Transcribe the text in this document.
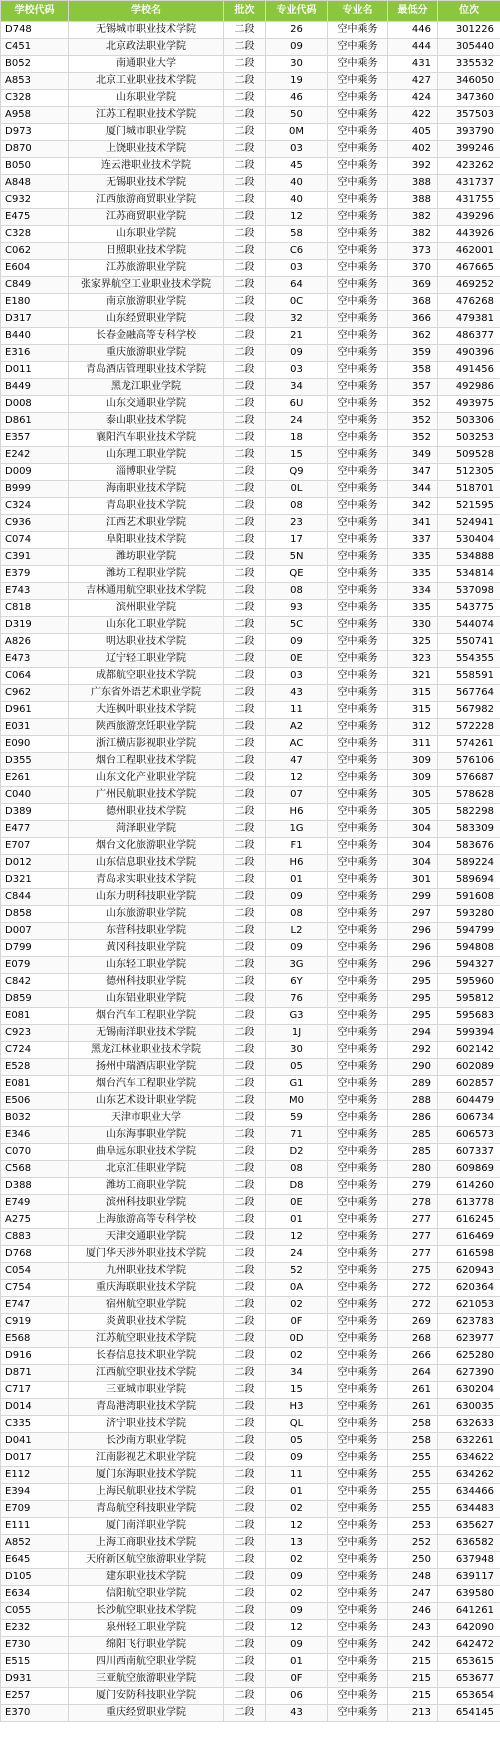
学校代码	学校名	批次	专业代码	专业名	最低分	位次
D748	无锡城市职业技术学院	二段	26	空中乘务	446	301226
C451	北京政法职业学院	二段	09	空中乘务	444	305440
B052	南通职业大学	二段	30	空中乘务	431	335532
A853	北京工业职业技术学院	二段	19	空中乘务	427	346050
C328	山东职业学院	二段	46	空中乘务	424	347360
A958	江苏工程职业技术学院	二段	50	空中乘务	422	357503
D973	厦门城市职业学院	二段	0M	空中乘务	405	393790
D870	上饶职业技术学院	二段	03	空中乘务	402	399246
B050	连云港职业技术学院	二段	45	空中乘务	392	423262
A848	无锡职业技术学院	二段	40	空中乘务	388	431737
C932	江西旅游商贸职业学院	二段	40	空中乘务	388	431755
E475	江苏商贸职业学院	二段	12	空中乘务	382	439296
C328	山东职业学院	二段	58	空中乘务	382	443926
C062	日照职业技术学院	二段	C6	空中乘务	373	462001
E604	江苏旅游职业学院	二段	03	空中乘务	370	467665
C849	张家界航空工业职业技术学院	二段	64	空中乘务	369	469252
E180	南京旅游职业学院	二段	0C	空中乘务	368	476268
D317	山东经贸职业学院	二段	32	空中乘务	366	479381
B440	长春金融高等专科学校	二段	21	空中乘务	362	486377
E316	重庆旅游职业学院	二段	09	空中乘务	359	490396
D011	青岛酒店管理职业技术学院	二段	03	空中乘务	358	491456
B449	黑龙江职业学院	二段	34	空中乘务	357	492986
D008	山东交通职业学院	二段	6U	空中乘务	352	493975
D861	泰山职业技术学院	二段	24	空中乘务	352	503306
E357	襄阳汽车职业技术学院	二段	18	空中乘务	352	503253
E242	山东理工职业学院	二段	15	空中乘务	349	509528
D009	淄博职业学院	二段	Q9	空中乘务	347	512305
B999	海南职业技术学院	二段	0L	空中乘务	344	518701
C324	青岛职业技术学院	二段	08	空中乘务	342	521595
C936	江西艺术职业学院	二段	23	空中乘务	341	524941
C074	阜阳职业技术学院	二段	17	空中乘务	337	530404
C391	潍坊职业学院	二段	5N	空中乘务	335	534888
E379	潍坊工程职业学院	二段	QE	空中乘务	335	534814
E743	吉林通用航空职业技术学院	二段	08	空中乘务	334	537098
C818	滨州职业学院	二段	93	空中乘务	335	543775
D319	山东化工职业学院	二段	5C	空中乘务	330	544074
A826	明达职业技术学院	二段	09	空中乘务	325	550741
E473	辽宁轻工职业学院	二段	0E	空中乘务	323	554355
C064	成都航空职业技术学院	二段	03	空中乘务	321	558591
C962	广东省外语艺术职业学院	二段	43	空中乘务	315	567764
D961	大连枫叶职业技术学院	二段	11	空中乘务	315	567982
E031	陕西旅游烹饪职业学院	二段	A2	空中乘务	312	572228
E090	浙江横店影视职业学院	二段	AC	空中乘务	311	574261
D355	烟台工程职业技术学院	二段	47	空中乘务	309	576106
E261	山东文化产业职业学院	二段	12	空中乘务	309	576687
C040	广州民航职业技术学院	二段	07	空中乘务	305	578628
D389	德州职业技术学院	二段	H6	空中乘务	305	582298
E477	菏泽职业学院	二段	1G	空中乘务	304	583309
E707	烟台文化旅游职业学院	二段	F1	空中乘务	304	583676
D012	山东信息职业技术学院	二段	H6	空中乘务	304	589224
D321	青岛求实职业技术学院	二段	01	空中乘务	301	589694
C844	山东力明科技职业学院	二段	09	空中乘务	299	591608
D858	山东旅游职业学院	二段	08	空中乘务	297	593280
D007	东营科技职业学院	二段	L2	空中乘务	296	594799
D799	黄冈科技职业学院	二段	09	空中乘务	296	594808
E079	山东轻工职业学院	二段	3G	空中乘务	296	594327
C842	德州科技职业学院	二段	6Y	空中乘务	295	595960
D859	山东铝业职业学院	二段	76	空中乘务	295	595812
E081	烟台汽车工程职业学院	二段	G3	空中乘务	295	595683
C923	无锡南洋职业技术学院	二段	1J	空中乘务	294	599394
C724	黑龙江林业职业技术学院	二段	30	空中乘务	292	602142
E528	扬州中瑞酒店职业学院	二段	05	空中乘务	290	602089
E081	烟台汽车工程职业学院	二段	G1	空中乘务	289	602857
E506	山东艺术设计职业学院	二段	M0	空中乘务	288	604479
B032	天津市职业大学	二段	59	空中乘务	286	606734
E346	山东海事职业学院	二段	71	空中乘务	285	606573
C070	曲阜远东职业技术学院	二段	D2	空中乘务	285	607337
C568	北京汇佳职业学院	二段	08	空中乘务	280	609869
D388	潍坊工商职业学院	二段	D8	空中乘务	279	614260
E749	滨州科技职业学院	二段	0E	空中乘务	278	613778
A275	上海旅游高等专科学校	二段	01	空中乘务	277	616245
C883	天津交通职业学院	二段	12	空中乘务	277	616469
D768	厦门华天涉外职业技术学院	二段	24	空中乘务	277	616598
C054	九州职业技术学院	二段	52	空中乘务	275	620943
C754	重庆海联职业技术学院	二段	0A	空中乘务	272	620364
E747	宿州航空职业学院	二段	02	空中乘务	272	621053
C919	炎黄职业技术学院	二段	0F	空中乘务	269	623783
E568	江苏航空职业技术学院	二段	0D	空中乘务	268	623977
D916	长春信息技术职业学院	二段	02	空中乘务	266	625280
D871	江西航空职业技术学院	二段	34	空中乘务	264	627390
C717	三亚城市职业学院	二段	15	空中乘务	261	630204
D014	青岛港湾职业技术学院	二段	H3	空中乘务	261	630035
C335	济宁职业技术学院	二段	QL	空中乘务	258	632633
D041	长沙南方职业学院	二段	05	空中乘务	258	632261
D017	江南影视艺术职业学院	二段	09	空中乘务	255	634622
E112	厦门东海职业技术学院	二段	11	空中乘务	255	634262
E394	上海民航职业技术学院	二段	01	空中乘务	255	634466
E709	青岛航空科技职业学院	二段	02	空中乘务	255	634483
E111	厦门南洋职业学院	二段	12	空中乘务	253	635627
A852	上海工商职业技术学院	二段	13	空中乘务	252	636582
E645	天府新区航空旅游职业学院	二段	02	空中乘务	250	637948
D105	建东职业技术学院	二段	09	空中乘务	248	639117
E634	信阳航空职业学院	二段	02	空中乘务	247	639580
C055	长沙航空职业技术学院	二段	09	空中乘务	246	641261
E232	泉州轻工职业学院	二段	12	空中乘务	243	642090
E730	绵阳飞行职业学院	二段	09	空中乘务	242	642472
E515	四川西南航空职业学院	二段	01	空中乘务	215	653615
D931	三亚航空旅游职业学院	二段	0F	空中乘务	215	653677
E257	厦门安防科技职业学院	二段	06	空中乘务	215	653654
E370	重庆经贸职业学院	二段	43	空中乘务	213	654145
